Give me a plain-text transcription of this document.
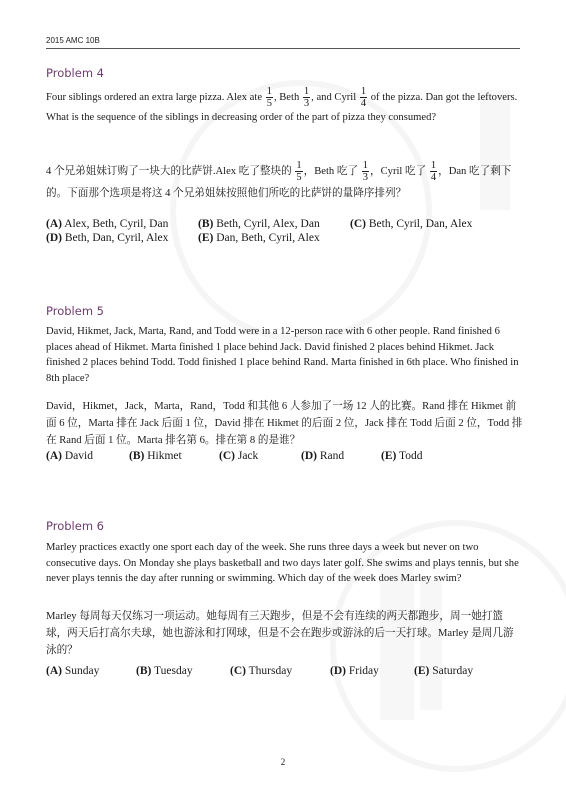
2015 AMC 10B
Problem 4

Four siblings ordered an extra large pizza. Alex ate $\frac{1}{5}$ , Beth $\frac{1}{3}$ , and Cyril $\frac{1}{4}$ of the pizza. Dan got the leftovers. What is the sequence of the siblings in decreasing order of the part of pizza they consumed?

4 个兄弟姐妹订购了一块大的比萨饼.Alex 吃了整块的 $\frac{1}{5}$ ，Beth 吃了 $\frac{1}{3}$ ，Cyril 吃了 $\frac{1}{4}$ ，Dan 吃了剩下的。下面那个选项是将这 4 个兄弟姐妹按照他们所吃的比萨饼的量降序排列？

(A) Alex, Beth, Cyril, Dan	(B) Beth, Cyril, Alex, Dan	(C) Beth, Cyril, Dan, Alex
(D) Beth, Dan, Cyril, Alex	(E) Dan, Beth, Cyril, Alex
Problem 5

David, Hikmet, Jack, Marta, Rand, and Todd were in a 12-person race with 6 other people. Rand finished 6 places ahead of Hikmet. Marta finished 1 place behind Jack. David finished 2 places behind Hikmet. Jack finished 2 places behind Todd. Todd finished 1 place behind Rand. Marta finished in 6th place. Who finished in 8th place?

David，Hikmet，Jack，Marta，Rand，Todd 和其他 6 人参加了一场 12 人的比赛。Rand 排在 Hikmet 前面 6 位，Marta 排在 Jack 后面 1 位，David 排在 Hikmet 的后面 2 位，Jack 排在 Todd 后面 2 位，Todd 排在 Rand 后面 1 位。Marta 排名第 6。排在第 8 的是谁？

(A) David	(B) Hikmet	(C) Jack	(D) Rand	(E) Todd
Problem 6

Marley practices exactly one sport each day of the week. She runs three days a week but never on two consecutive days. On Monday she plays basketball and two days later golf. She swims and plays tennis, but she never plays tennis the day after running or swimming. Which day of the week does Marley swim?

Marley 每周每天仅练习一项运动。她每周有三天跑步，但是不会有连续的两天都跑步，周一她打篮球，两天后打高尔夫球，她也游泳和打网球，但是不会在跑步或游泳的后一天打球。Marley 是周几游泳的？

(A) Sunday	(B) Tuesday	(C) Thursday	(D) Friday	(E) Saturday
2
